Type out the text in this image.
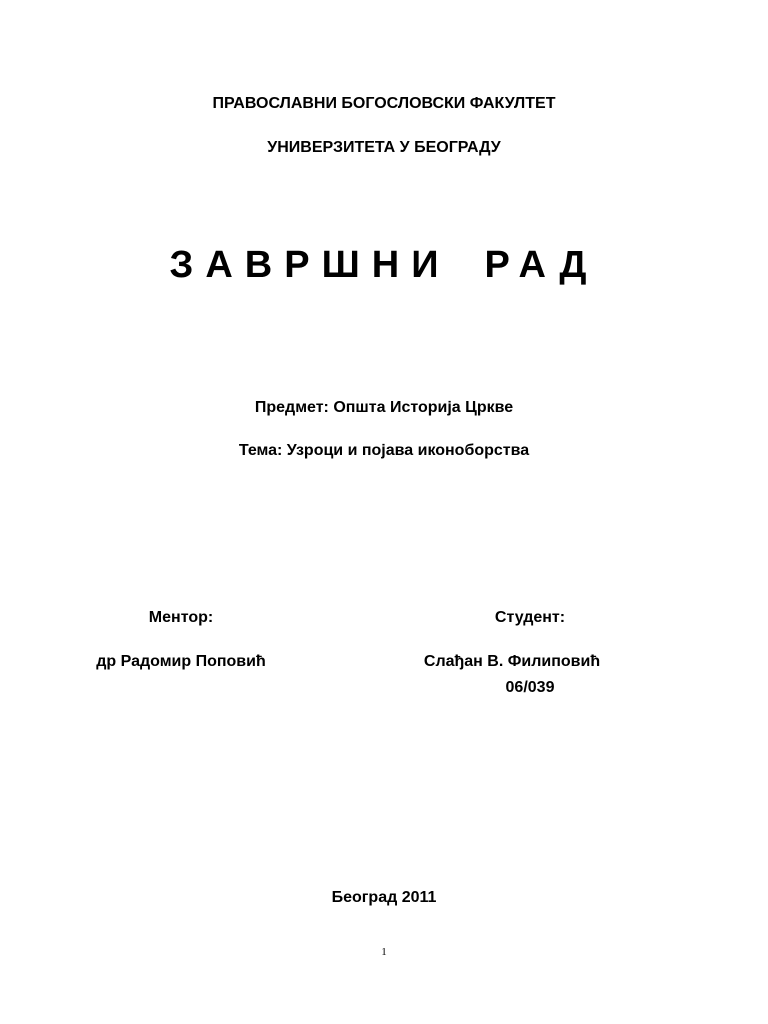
ПРАВОСЛАВНИ БОГОСЛОВСКИ ФАКУЛТЕТ
УНИВЕРЗИТЕТА У БЕОГРАДУ
ЗАВРШНИ РАД
Предмет: Општа Историја Цркве
Тема: Узроци и појава иконоборства
Ментор:
др Радомир Поповић
Студент:
Слађан В. Филиповић
06/039
Београд 2011
1
